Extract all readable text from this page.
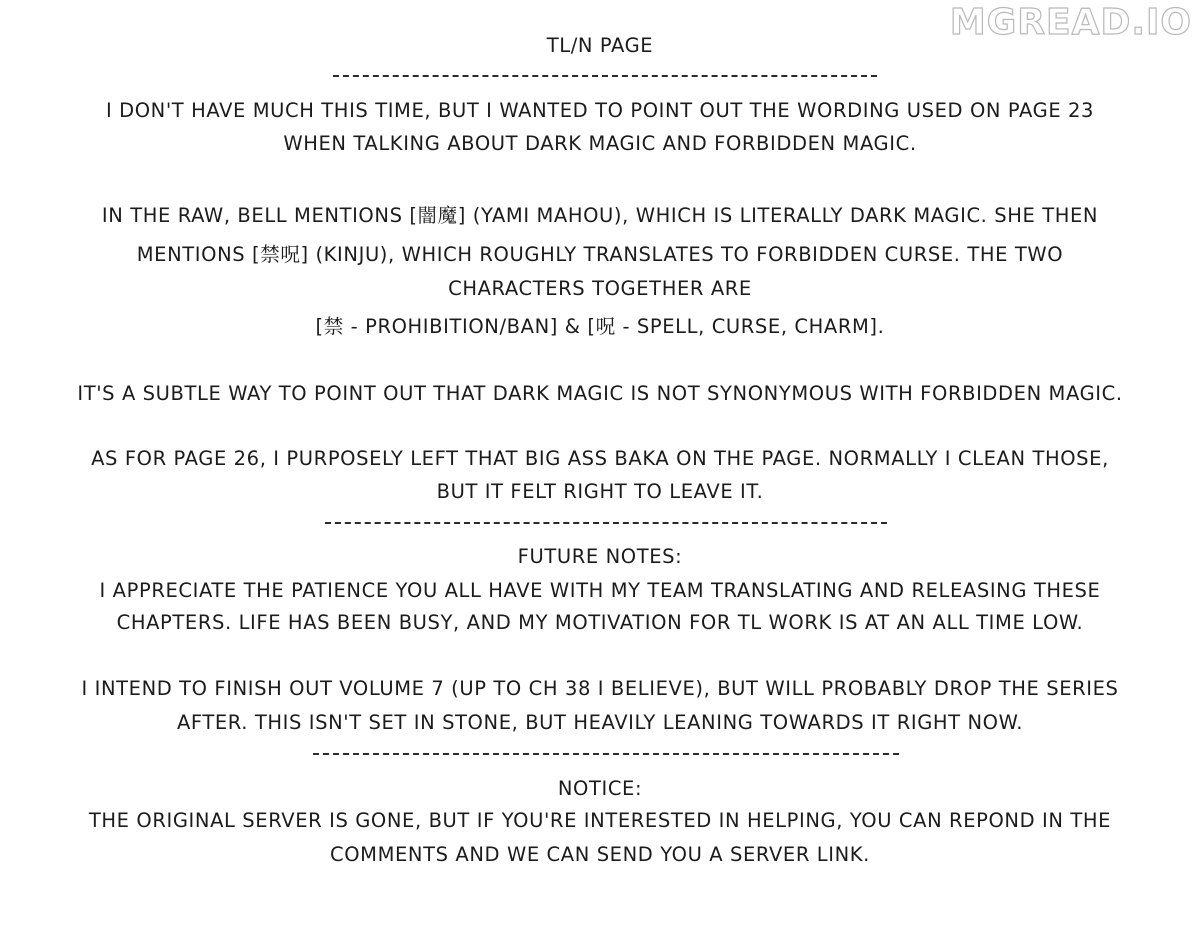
MGREAD.IO
TL/N PAGE
I DON'T HAVE MUCH THIS TIME, BUT I WANTED TO POINT OUT THE WORDING USED ON PAGE 23
WHEN TALKING ABOUT DARK MAGIC AND FORBIDDEN MAGIC.
IN THE RAW, BELL MENTIONS [闇魔] (YAMI MAHOU), WHICH IS LITERALLY DARK MAGIC. SHE THEN
MENTIONS [禁呪] (KINJU), WHICH ROUGHLY TRANSLATES TO FORBIDDEN CURSE. THE TWO
CHARACTERS TOGETHER ARE
[禁 - PROHIBITION/BAN] & [呪 - SPELL, CURSE, CHARM].
IT'S A SUBTLE WAY TO POINT OUT THAT DARK MAGIC IS NOT SYNONYMOUS WITH FORBIDDEN MAGIC.
AS FOR PAGE 26, I PURPOSELY LEFT THAT BIG ASS BAKA ON THE PAGE. NORMALLY I CLEAN THOSE,
BUT IT FELT RIGHT TO LEAVE IT.
FUTURE NOTES:
I APPRECIATE THE PATIENCE YOU ALL HAVE WITH MY TEAM TRANSLATING AND RELEASING THESE
CHAPTERS. LIFE HAS BEEN BUSY, AND MY MOTIVATION FOR TL WORK IS AT AN ALL TIME LOW.
I INTEND TO FINISH OUT VOLUME 7 (UP TO CH 38 I BELIEVE), BUT WILL PROBABLY DROP THE SERIES
AFTER. THIS ISN'T SET IN STONE, BUT HEAVILY LEANING TOWARDS IT RIGHT NOW.
NOTICE:
THE ORIGINAL SERVER IS GONE, BUT IF YOU'RE INTERESTED IN HELPING, YOU CAN REPOND IN THE
COMMENTS AND WE CAN SEND YOU A SERVER LINK.
